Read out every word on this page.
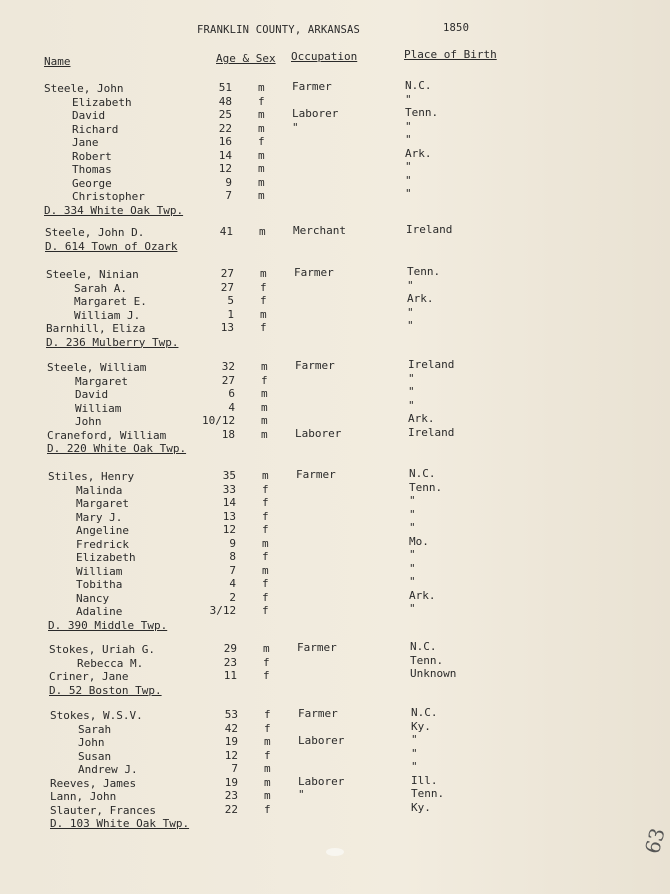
FRANKLIN COUNTY, ARKANSAS	1850
Name	Age & Sex Occupation	Place of Birth
Steele, John	51 m Farmer	N.C.
Elizabeth	48 f	"
David	25 m Laborer	Tenn.
Richard	22 m "	"
Jane	16 f	"
Robert	14 m	Ark.
Thomas	12 m	"
George	9 m	"
Christopher	7 m	"
D. 334 White Oak Twp.
Steele, John D.	41 m Merchant	Ireland
D. 614 Town of Ozark
Steele, Ninian	27 m Farmer	Tenn.
Sarah A.	27 f	"
Margaret E.	5 f	Ark.
William J.	1 m	"
Barnhill, Eliza	13 f	"
D. 236 Mulberry Twp.
Steele, William	32 m Farmer	Ireland
Margaret	27 f	"
David	6 m	"
William	4 m	"
John	10/12 m	Ark.
Craneford, William	18 m Laborer	Ireland
D. 220 White Oak Twp.
Stiles, Henry	35 m Farmer	N.C.
Malinda	33 f	Tenn.
Margaret	14 f	"
Mary J.	13 f	"
Angeline	12 f	"
Fredrick	9 m	Mo.
Elizabeth	8 f	"
William	7 m	"
Tobitha	4 f	"
Nancy	2 f	Ark.
Adaline	3/12 f	"
D. 390 Middle Twp.
Stokes, Uriah G.	29 m Farmer	N.C.
Rebecca M.	23 f	Tenn.
Criner, Jane	11 f	Unknown
D. 52 Boston Twp.
Stokes, W.S.V.	53 f Farmer	N.C.
Sarah	42 f	Ky.
John	19 m Laborer	"
Susan	12 f	"
Andrew J.	7 m	"
Reeves, James	19 m Laborer	Ill.
Lann, John	23 m "	Tenn.
Slauter, Frances	22 f	Ky.
D. 103 White Oak Twp.
63
